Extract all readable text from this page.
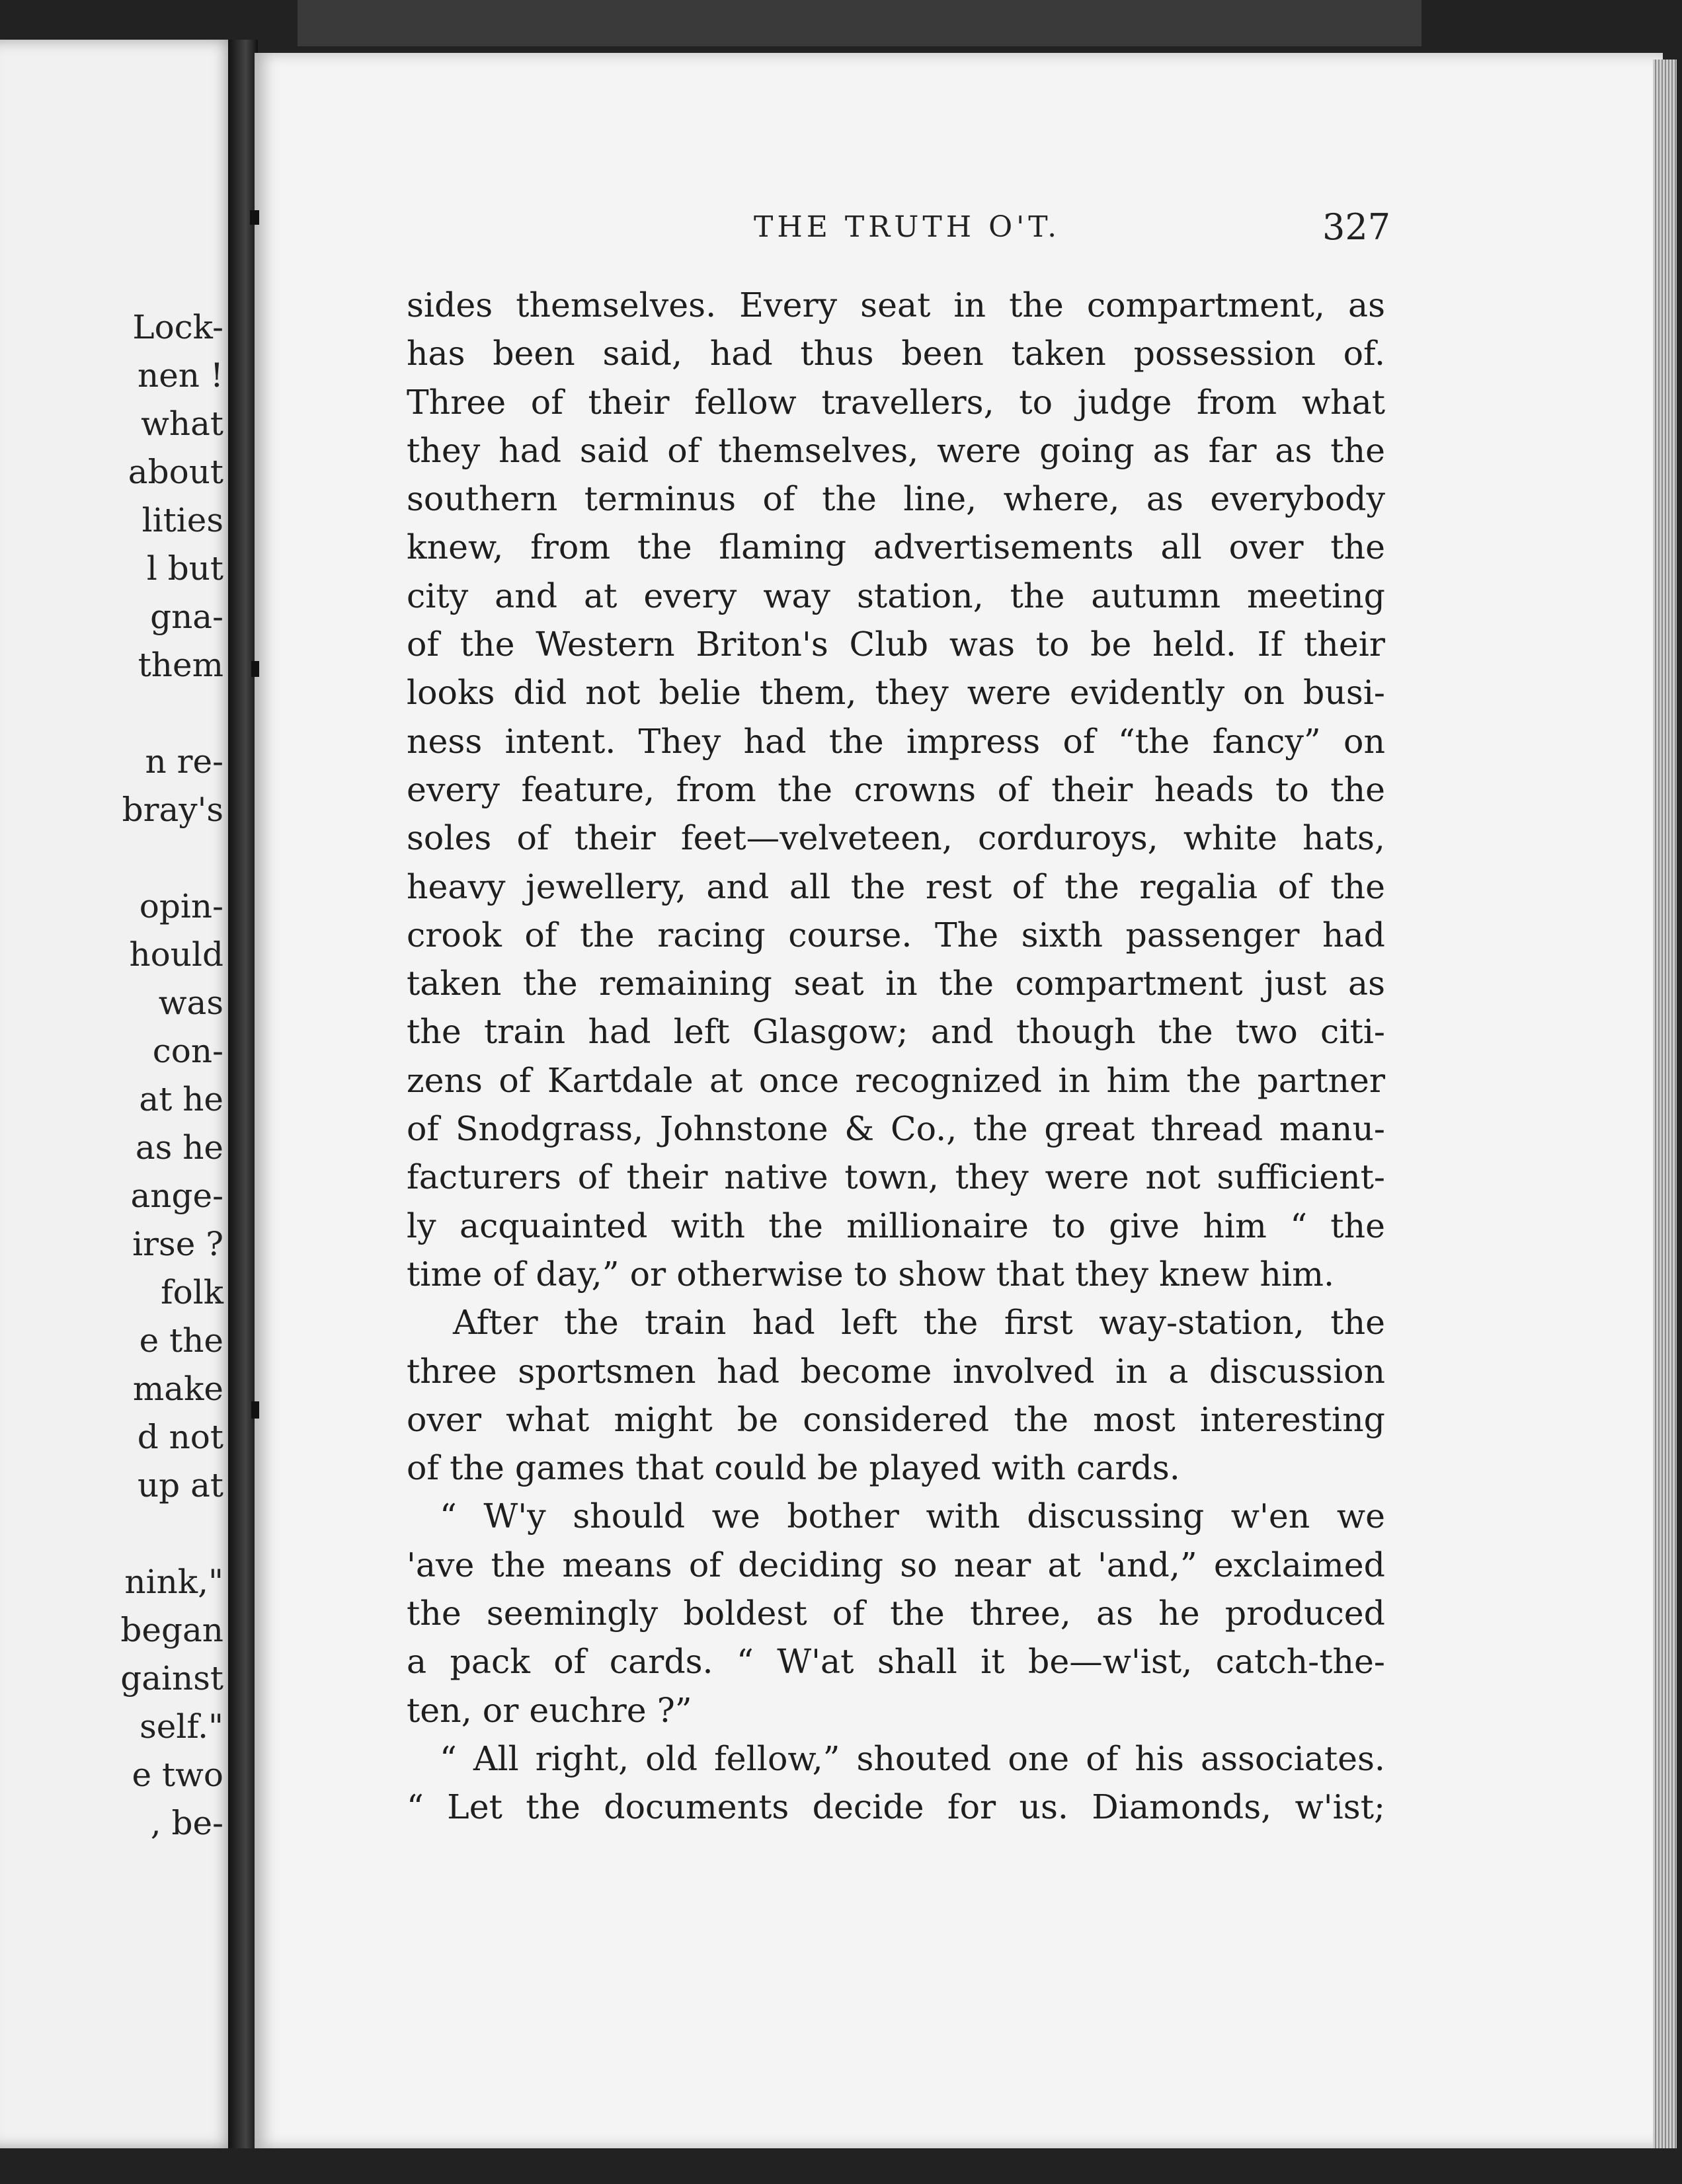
Lock-
nen !
what
about
lities
l but
gna-
them
n re-
bray's
opin-
hould
was
con-
at he
as he
ange-
irse ?
folk
e the
make
d not
up at
nink,"
began
gainst
self."
e two
, be-
THE TRUTH O'T.	327
sides themselves. Every seat in the compartment, as
has been said, had thus been taken possession of.
Three of their fellow travellers, to judge from what
they had said of themselves, were going as far as the
southern terminus of the line, where, as everybody
knew, from the flaming advertisements all over the
city and at every way station, the autumn meeting
of the Western Briton's Club was to be held. If their
looks did not belie them, they were evidently on busi-
ness intent. They had the impress of “the fancy” on
every feature, from the crowns of their heads to the
soles of their feet—velveteen, corduroys, white hats,
heavy jewellery, and all the rest of the regalia of the
crook of the racing course. The sixth passenger had
taken the remaining seat in the compartment just as
the train had left Glasgow; and though the two citi-
zens of Kartdale at once recognized in him the partner
of Snodgrass, Johnstone & Co., the great thread manu-
facturers of their native town, they were not sufficient-
ly acquainted with the millionaire to give him “ the
time of day,” or otherwise to show that they knew him.
After the train had left the first way-station, the
three sportsmen had become involved in a discussion
over what might be considered the most interesting
of the games that could be played with cards.
“ W'y should we bother with discussing w'en we
'ave the means of deciding so near at 'and,” exclaimed
the seemingly boldest of the three, as he produced
a pack of cards. “ W'at shall it be—w'ist, catch-the-
ten, or euchre ?”
“ All right, old fellow,” shouted one of his associates.
“ Let the documents decide for us. Diamonds, w'ist;
